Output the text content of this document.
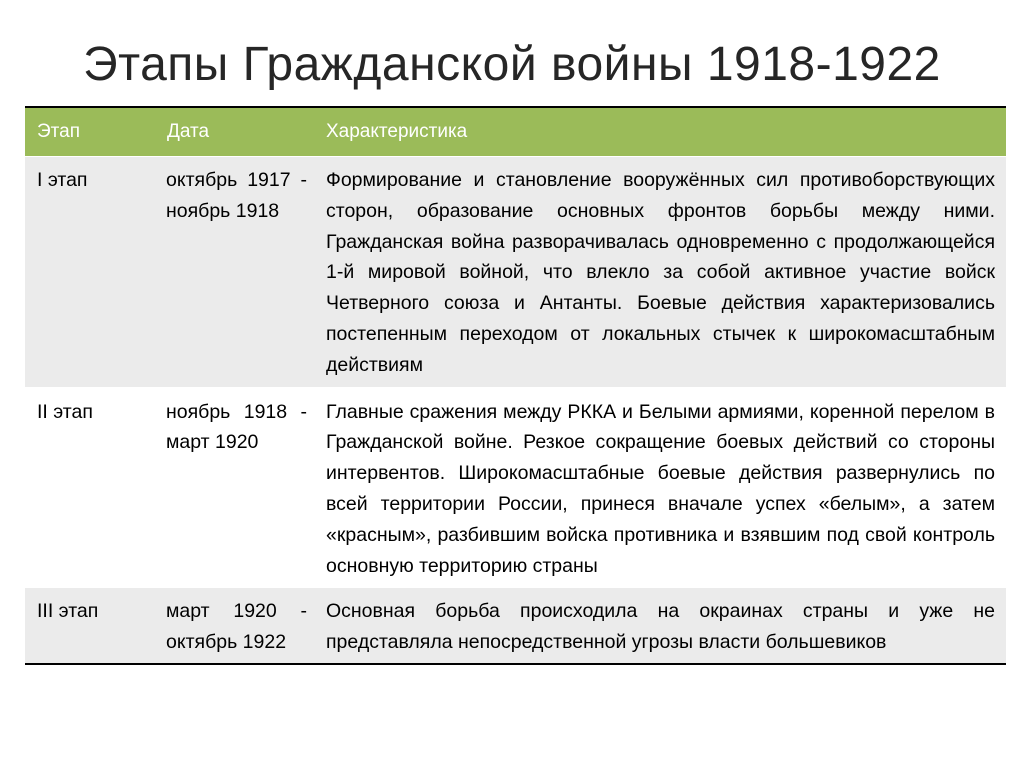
Этапы Гражданской войны 1918-1922
Этап	Дата	Характеристика
I этап	октябрь 1917 - ноябрь 1918	Формирование и становление вооружённых сил противоборствующих сторон, образование основных фронтов борьбы между ними. Гражданская война разворачивалась одновременно с продолжающейся 1-й мировой войной, что влекло за собой активное участие войск Четверного союза и Антанты. Боевые действия характеризовались постепенным переходом от локальных стычек к широкомасштабным действиям
II этап	ноябрь 1918 - март 1920	Главные сражения между РККА и Белыми армиями, коренной перелом в Гражданской войне. Резкое сокращение боевых действий со стороны интервентов. Широкомасштабные боевые действия развернулись по всей территории России, принеся вначале успех «белым», а затем «красным», разбившим войска противника и взявшим под свой контроль основную территорию страны
III этап	март 1920 - октябрь 1922	Основная борьба происходила на окраинах страны и уже не представляла непосредственной угрозы власти большевиков
